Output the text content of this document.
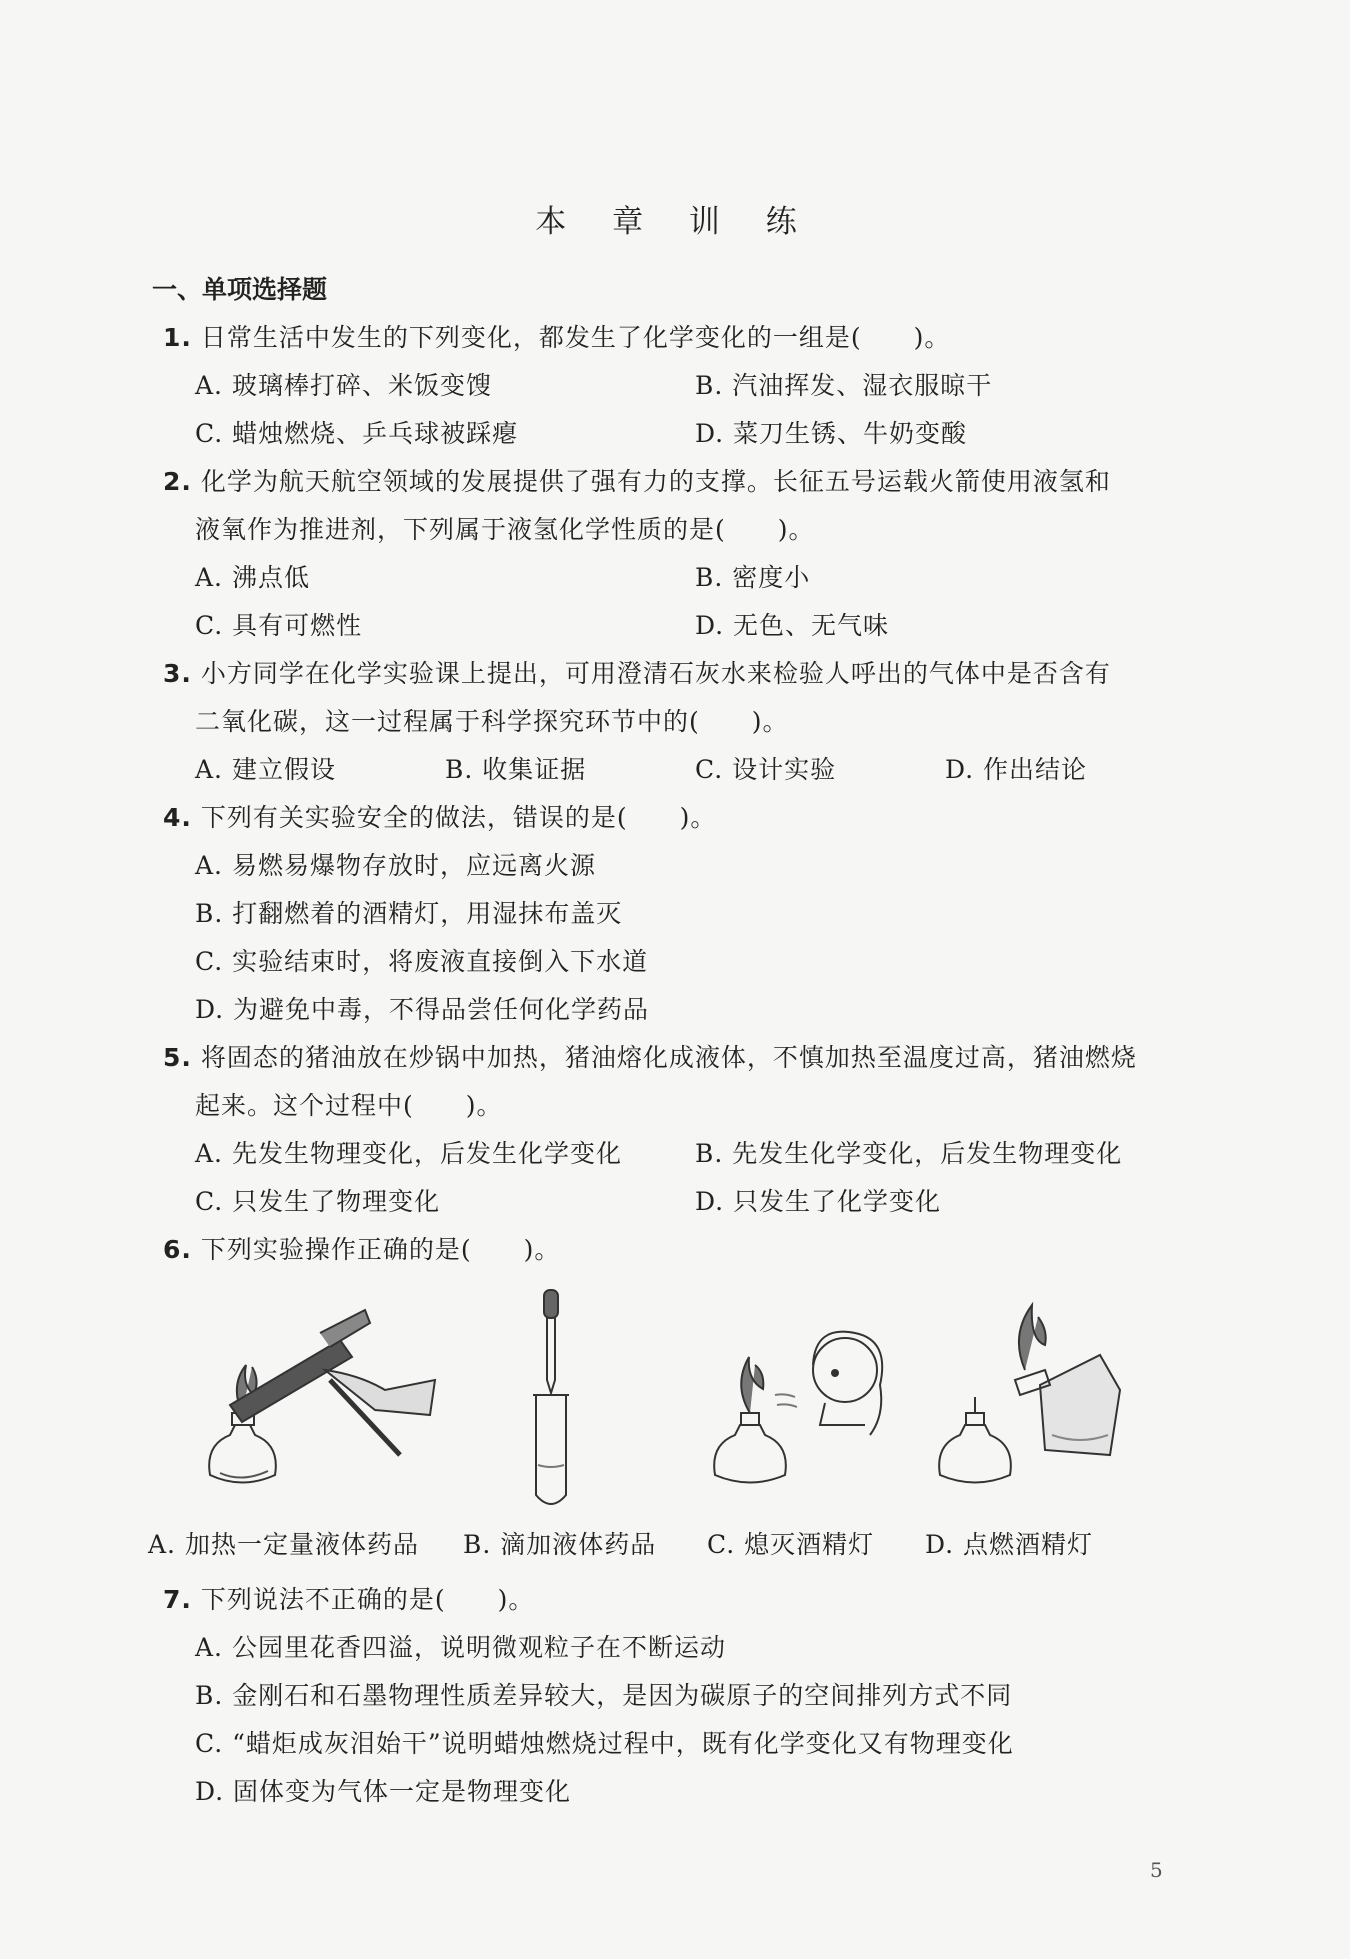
本 章 训 练
一、单项选择题
1. 日常生活中发生的下列变化，都发生了化学变化的一组是(　　)。
A. 玻璃棒打碎、米饭变馊	B. 汽油挥发、湿衣服晾干
C. 蜡烛燃烧、乒乓球被踩瘪	D. 菜刀生锈、牛奶变酸
2. 化学为航天航空领域的发展提供了强有力的支撑。长征五号运载火箭使用液氢和
液氧作为推进剂，下列属于液氢化学性质的是(　　)。
A. 沸点低	B. 密度小
C. 具有可燃性	D. 无色、无气味
3. 小方同学在化学实验课上提出，可用澄清石灰水来检验人呼出的气体中是否含有
二氧化碳，这一过程属于科学探究环节中的(　　)。
A. 建立假设	B. 收集证据	C. 设计实验	D. 作出结论
4. 下列有关实验安全的做法，错误的是(　　)。
A. 易燃易爆物存放时，应远离火源
B. 打翻燃着的酒精灯，用湿抹布盖灭
C. 实验结束时，将废液直接倒入下水道
D. 为避免中毒，不得品尝任何化学药品
5. 将固态的猪油放在炒锅中加热，猪油熔化成液体，不慎加热至温度过高，猪油燃烧
起来。这个过程中(　　)。
A. 先发生物理变化，后发生化学变化	B. 先发生化学变化，后发生物理变化
C. 只发生了物理变化	D. 只发生了化学变化
6. 下列实验操作正确的是(　　)。
A. 加热一定量液体药品 B. 滴加液体药品 C. 熄灭酒精灯 D. 点燃酒精灯
7. 下列说法不正确的是(　　)。
A. 公园里花香四溢，说明微观粒子在不断运动
B. 金刚石和石墨物理性质差异较大，是因为碳原子的空间排列方式不同
C. “蜡炬成灰泪始干”说明蜡烛燃烧过程中，既有化学变化又有物理变化
D. 固体变为气体一定是物理变化
5
